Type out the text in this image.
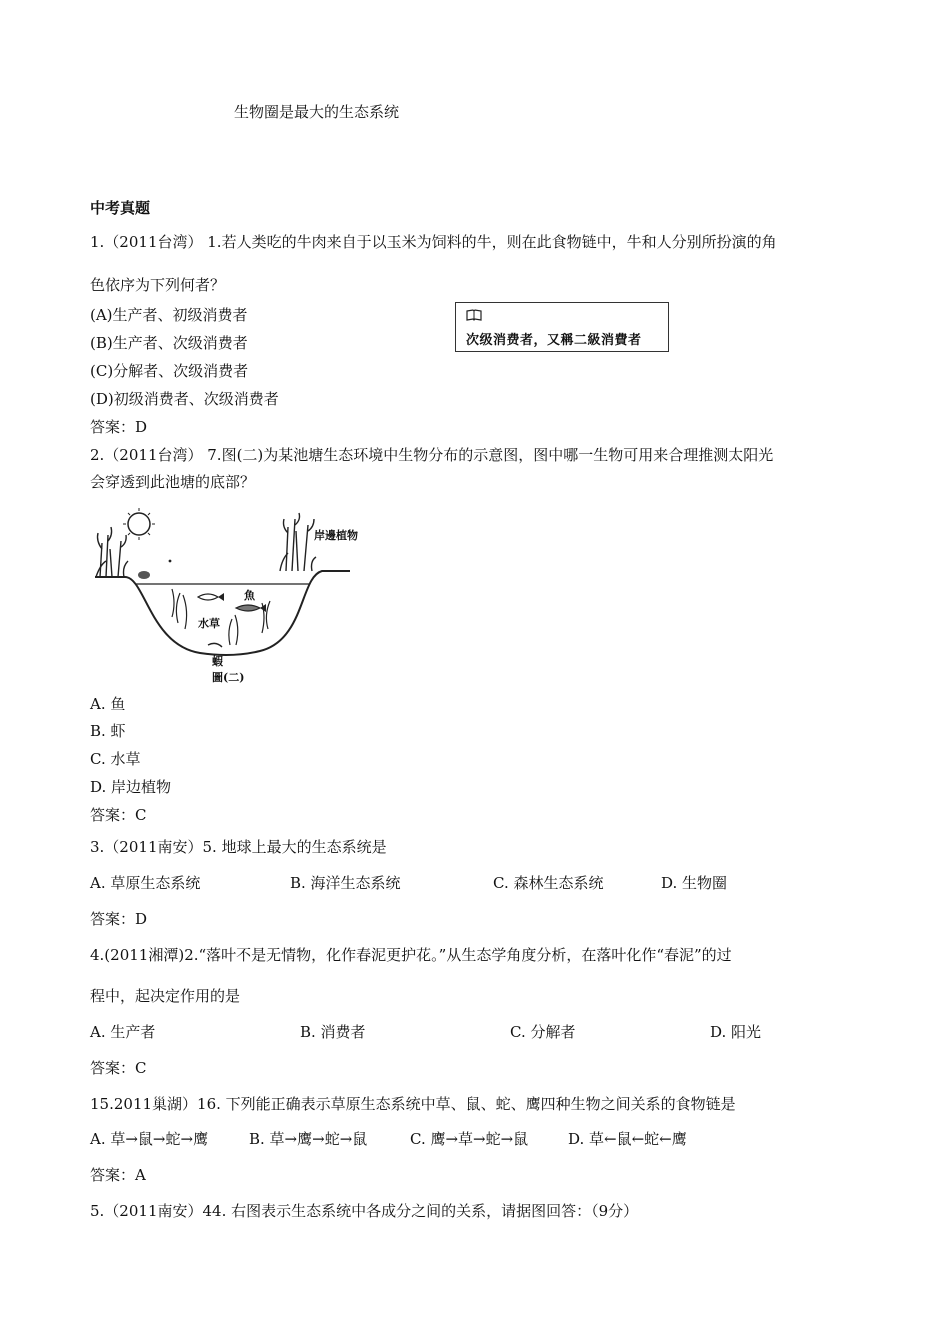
生物圈是最大的生态系统
中考真题
1.（2011台湾） 1.若人类吃的牛肉来自于以玉米为饲料的牛，则在此食物链中，牛和人分别所扮演的角
色依序为下列何者？
(A)生产者、初级消费者
(B)生产者、次级消费者
(C)分解者、次级消费者
(D)初级消费者、次级消费者
答案：D
次级消费者，又稱二級消費者
2.（2011台湾） 7.图(二)为某池塘生态环境中生物分布的示意图，图中哪一生物可用来合理推测太阳光
会穿透到此池塘的底部？
岸邊植物
魚
水草
蝦
圖(二)
A. 鱼
B. 虾
C. 水草
D. 岸边植物
答案：C
3.（2011南安）5. 地球上最大的生态系统是
A. 草原生态系统	B. 海洋生态系统	C. 森林生态系统	D. 生物圈
答案：D
4.(2011湘潭)2.“落叶不是无情物，化作春泥更护花。”从生态学角度分析，在落叶化作“春泥”的过
程中，起决定作用的是
A. 生产者	B. 消费者	C. 分解者	D. 阳光
答案：C
15.2011巢湖）16. 下列能正确表示草原生态系统中草、鼠、蛇、鹰四种生物之间关系的食物链是
A. 草→鼠→蛇→鹰	B. 草→鹰→蛇→鼠	C. 鹰→草→蛇→鼠	D. 草←鼠←蛇←鹰
答案：A
5.（2011南安）44. 右图表示生态系统中各成分之间的关系，请据图回答：（9分）
